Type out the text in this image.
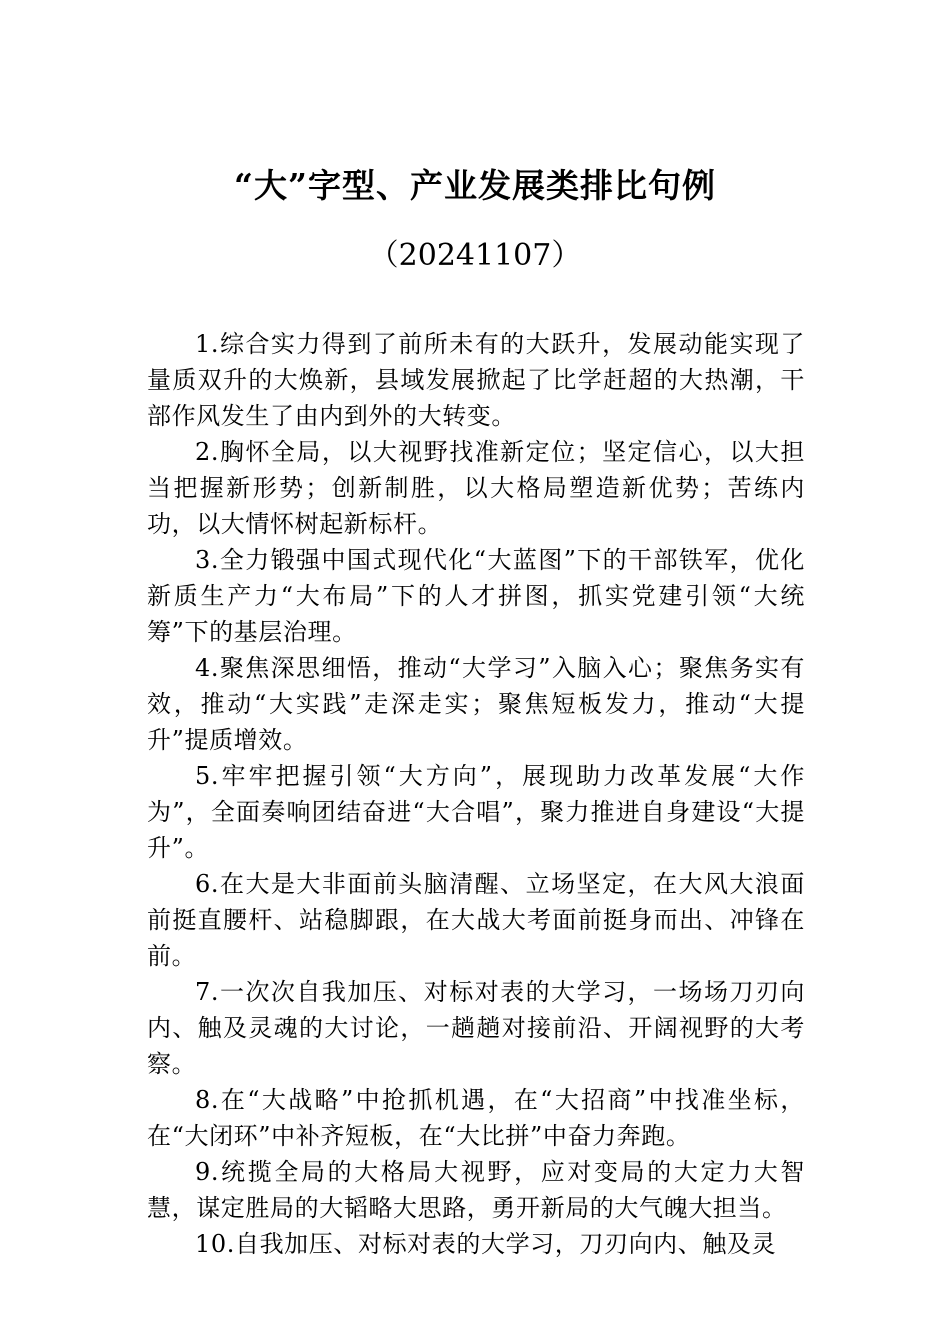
“大”字型、产业发展类排比句例
（20241107）

1.综合实力得到了前所未有的大跃升，发展动能实现了量质双升的大焕新，县域发展掀起了比学赶超的大热潮，干部作风发生了由内到外的大转变。

2.胸怀全局，以大视野找准新定位；坚定信心，以大担当把握新形势；创新制胜，以大格局塑造新优势；苦练内功，以大情怀树起新标杆。

3.全力锻强中国式现代化“大蓝图”下的干部铁军，优化新质生产力“大布局”下的人才拼图，抓实党建引领“大统筹”下的基层治理。

4.聚焦深思细悟，推动“大学习”入脑入心；聚焦务实有效，推动“大实践”走深走实；聚焦短板发力，推动“大提升”提质增效。

5.牢牢把握引领“大方向”，展现助力改革发展“大作为”，全面奏响团结奋进“大合唱”，聚力推进自身建设“大提升”。

6.在大是大非面前头脑清醒、立场坚定，在大风大浪面前挺直腰杆、站稳脚跟，在大战大考面前挺身而出、冲锋在前。

7.一次次自我加压、对标对表的大学习，一场场刀刃向内、触及灵魂的大讨论，一趟趟对接前沿、开阔视野的大考察。

8.在“大战略”中抢抓机遇，在“大招商”中找准坐标，在“大闭环”中补齐短板，在“大比拼”中奋力奔跑。

9.统揽全局的大格局大视野，应对变局的大定力大智慧，谋定胜局的大韬略大思路，勇开新局的大气魄大担当。

10.自我加压、对标对表的大学习，刀刃向内、触及灵
